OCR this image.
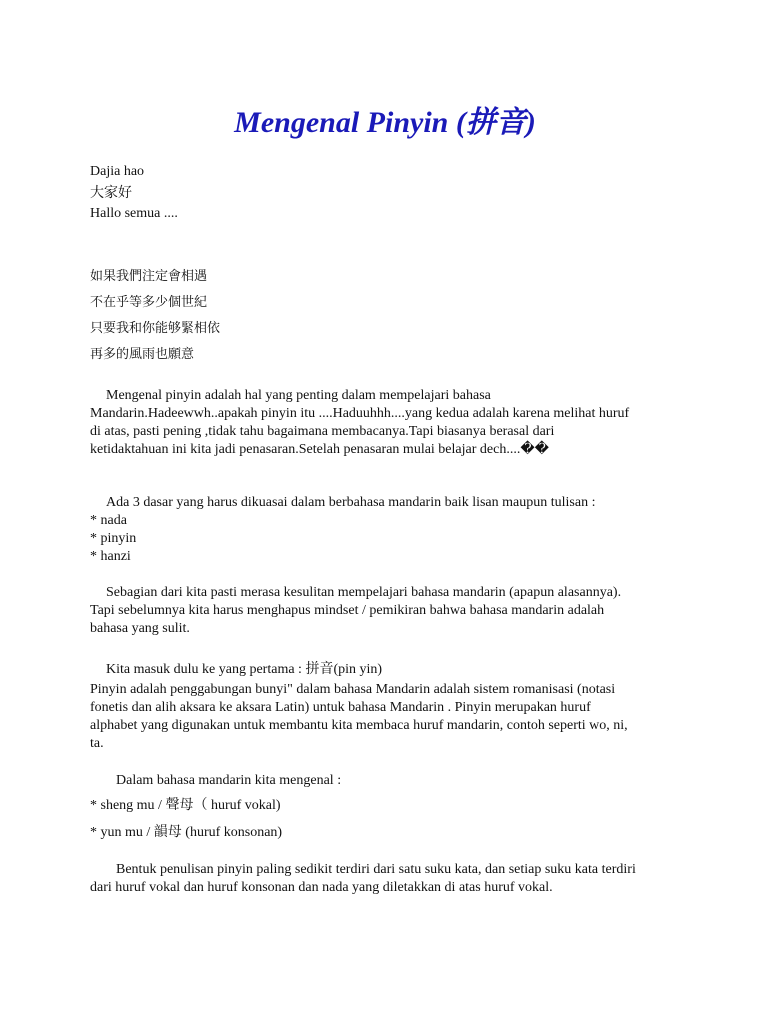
Mengenal Pinyin (拼音)
Dajia hao
大家好
Hallo semua ....
如果我們注定會相遇
不在乎等多少個世紀
只要我和你能够緊相依
再多的風雨也願意
Mengenal pinyin adalah hal yang penting dalam mempelajari bahasa
Mandarin.Hadeewwh..apakah pinyin itu ....Haduuhhh....yang kedua adalah karena melihat huruf
di atas, pasti pening ,tidak tahu bagaimana membacanya.Tapi biasanya berasal dari
ketidaktahuan ini kita jadi penasaran.Setelah penasaran mulai belajar dech....��
Ada 3 dasar yang harus dikuasai dalam berbahasa mandarin baik lisan maupun tulisan :
* nada
* pinyin
* hanzi
Sebagian dari kita pasti merasa kesulitan mempelajari bahasa mandarin (apapun alasannya).
Tapi sebelumnya kita harus menghapus mindset / pemikiran bahwa bahasa mandarin adalah
bahasa yang sulit.
Kita masuk dulu ke yang pertama : 拼音(pin yin)
Pinyin adalah penggabungan bunyi" dalam bahasa Mandarin adalah sistem romanisasi (notasi
fonetis dan alih aksara ke aksara Latin) untuk bahasa Mandarin . Pinyin merupakan huruf
alphabet yang digunakan untuk membantu kita membaca huruf mandarin, contoh seperti wo, ni,
ta.
Dalam bahasa mandarin kita mengenal :
* sheng mu / 聲母（ huruf vokal)
* yun mu / 韻母 (huruf konsonan)
Bentuk penulisan pinyin paling sedikit terdiri dari satu suku kata, dan setiap suku kata terdiri
dari huruf vokal dan huruf konsonan dan nada yang diletakkan di atas huruf vokal.
